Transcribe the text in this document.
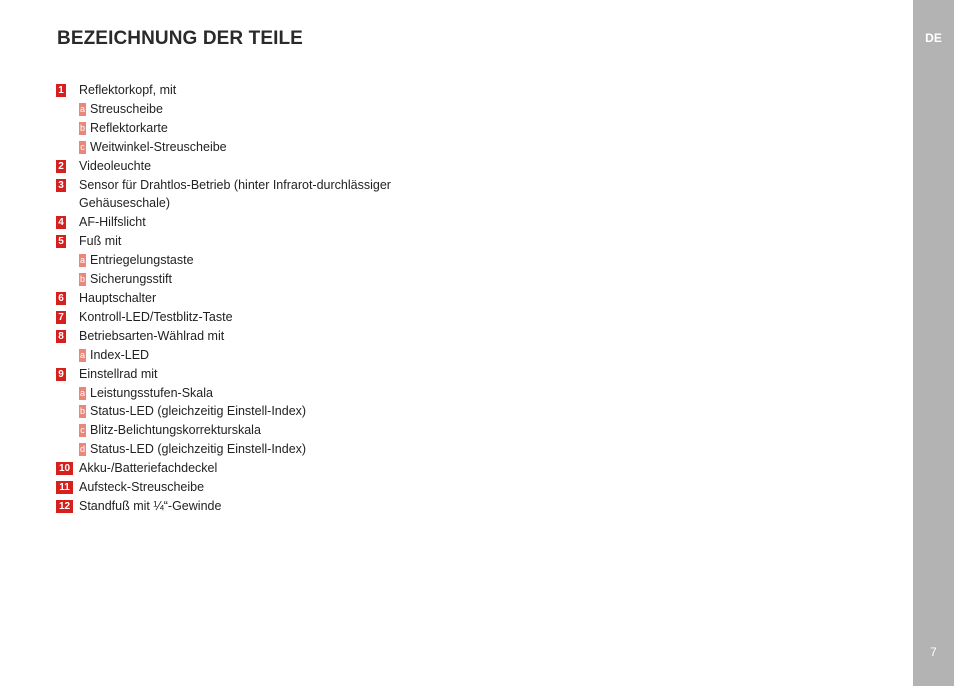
BEZEICHNUNG DER TEILE
1 Reflektorkopf, mit
a Streuscheibe
b Reflektorkarte
c Weitwinkel-Streuscheibe
2 Videoleuchte
3 Sensor für Drahtlos-Betrieb (hinter Infrarot-durchlässiger
Gehäuseschale)
4 AF-Hilfslicht
5 Fuß mit
a Entriegelungstaste
b Sicherungsstift
6 Hauptschalter
7 Kontroll-LED/Testblitz-Taste
8 Betriebsarten-Wählrad mit
a Index-LED
9 Einstellrad mit
a Leistungsstufen-Skala
b Status-LED (gleichzeitig Einstell-Index)
c Blitz-Belichtungskorrekturskala
d Status-LED (gleichzeitig Einstell-Index)
10 Akku-/Batteriefachdeckel
11 Aufsteck-Streuscheibe
12 Standfuß mit ¼“-Gewinde
DE
7
